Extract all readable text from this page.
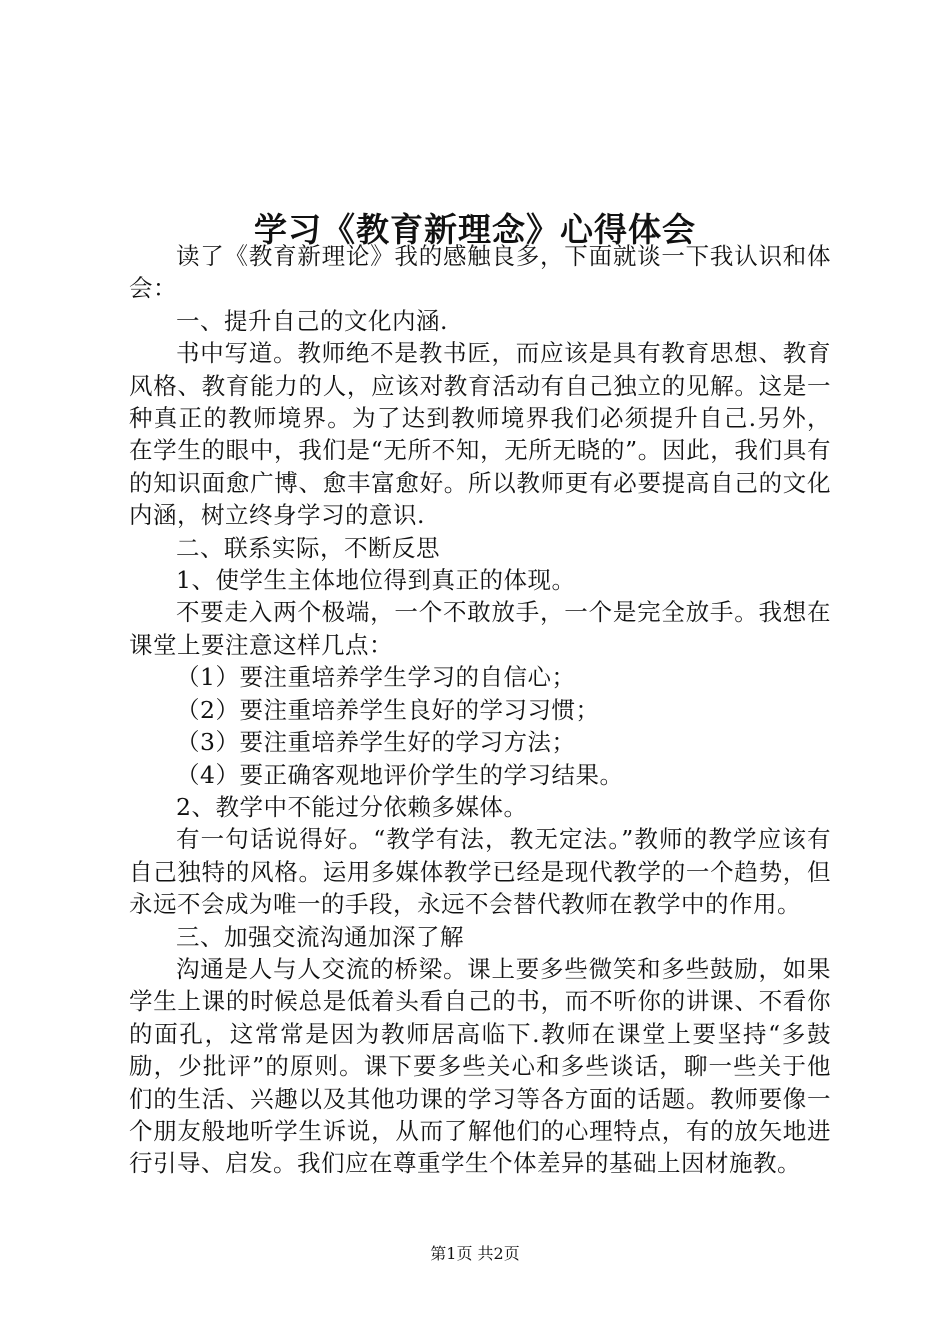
学习《教育新理念》心得体会

读了《教育新理论》我的感触良多，下面就谈一下我认识和体会：

一、提升自己的文化内涵.

书中写道。教师绝不是教书匠，而应该是具有教育思想、教育风格、教育能力的人，应该对教育活动有自己独立的见解。这是一种真正的教师境界。为了达到教师境界我们必须提升自己.另外，在学生的眼中，我们是“无所不知，无所无晓的”。因此，我们具有的知识面愈广博、愈丰富愈好。所以教师更有必要提高自己的文化内涵，树立终身学习的意识.

二、联系实际，不断反思

1、使学生主体地位得到真正的体现。

不要走入两个极端，一个不敢放手，一个是完全放手。我想在课堂上要注意这样几点：

（1）要注重培养学生学习的自信心；

（2）要注重培养学生良好的学习习惯；

（3）要注重培养学生好的学习方法；

（4）要正确客观地评价学生的学习结果。

2、教学中不能过分依赖多媒体。

有一句话说得好。“教学有法，教无定法。”教师的教学应该有自己独特的风格。运用多媒体教学已经是现代教学的一个趋势，但永远不会成为唯一的手段，永远不会替代教师在教学中的作用。

三、加强交流沟通加深了解

沟通是人与人交流的桥梁。课上要多些微笑和多些鼓励，如果学生上课的时候总是低着头看自己的书，而不听你的讲课、不看你的面孔，这常常是因为教师居高临下.教师在课堂上要坚持“多鼓励，少批评”的原则。课下要多些关心和多些谈话，聊一些关于他们的生活、兴趣以及其他功课的学习等各方面的话题。教师要像一个朋友般地听学生诉说，从而了解他们的心理特点，有的放矢地进行引导、启发。我们应在尊重学生个体差异的基础上因材施教。

第1页 共2页
